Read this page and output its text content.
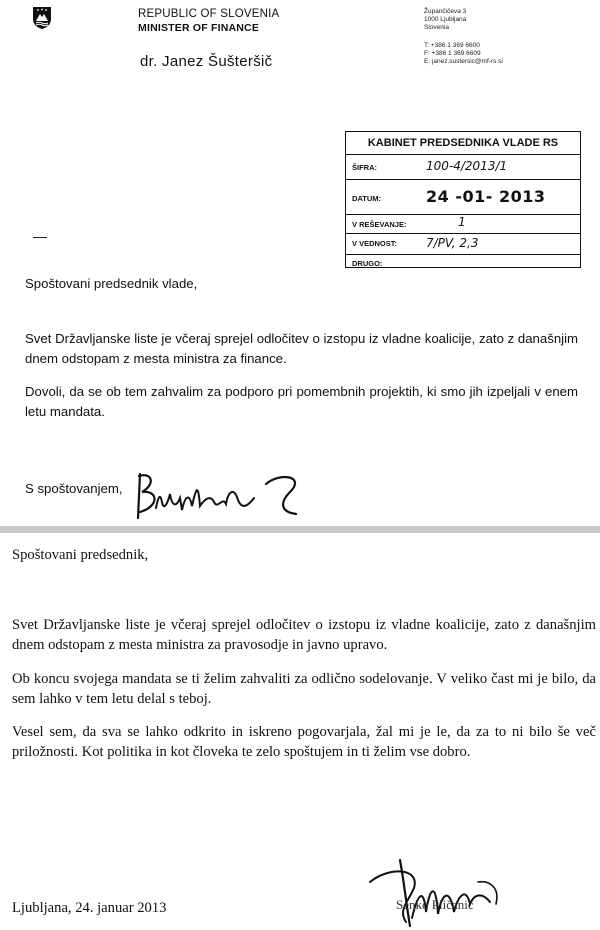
REPUBLIC OF SLOVENIA
MINISTER OF FINANCE
dr. Janez Šušteršič
Župančičeva 3
1000 Ljubljana
Slovenia
T: +386 1 369 6600
F: +386 1 369 6609
E: janez.sustersic@mf-rs.si
KABINET PREDSEDNIKA VLADE RS
ŠIFRA:	100-4/2013/1
DATUM:	24 -01- 2013
V REŠEVANJE:	1
V VEDNOST: 7/PV, 2,3
DRUGO:
Spoštovani predsednik vlade,
Svet Državljanske liste je včeraj sprejel odločitev o izstopu iz vladne koalicije, zato z današnjim dnem odstopam z mesta ministra za finance.
Dovoli, da se ob tem zahvalim za podporo pri pomembnih projektih, ki smo jih izpeljali v enem letu mandata.
S spoštovanjem,
Spoštovani predsednik,
Svet Državljanske liste je včeraj sprejel odločitev o izstopu iz vladne koalicije, zato z današnjim dnem odstopam z mesta ministra za pravosodje in javno upravo.
Ob koncu svojega mandata se ti želim zahvaliti za odlično sodelovanje. V veliko čast mi je bilo, da sem lahko v tem letu delal s teboj.
Vesel sem, da sva se lahko odkrito in iskreno pogovarjala, žal mi je le, da za to ni bilo še več priložnosti. Kot politika in kot človeka te zelo spoštujem in ti želim vse dobro.
Ljubljana, 24. januar 2013	Senko Pličanič
